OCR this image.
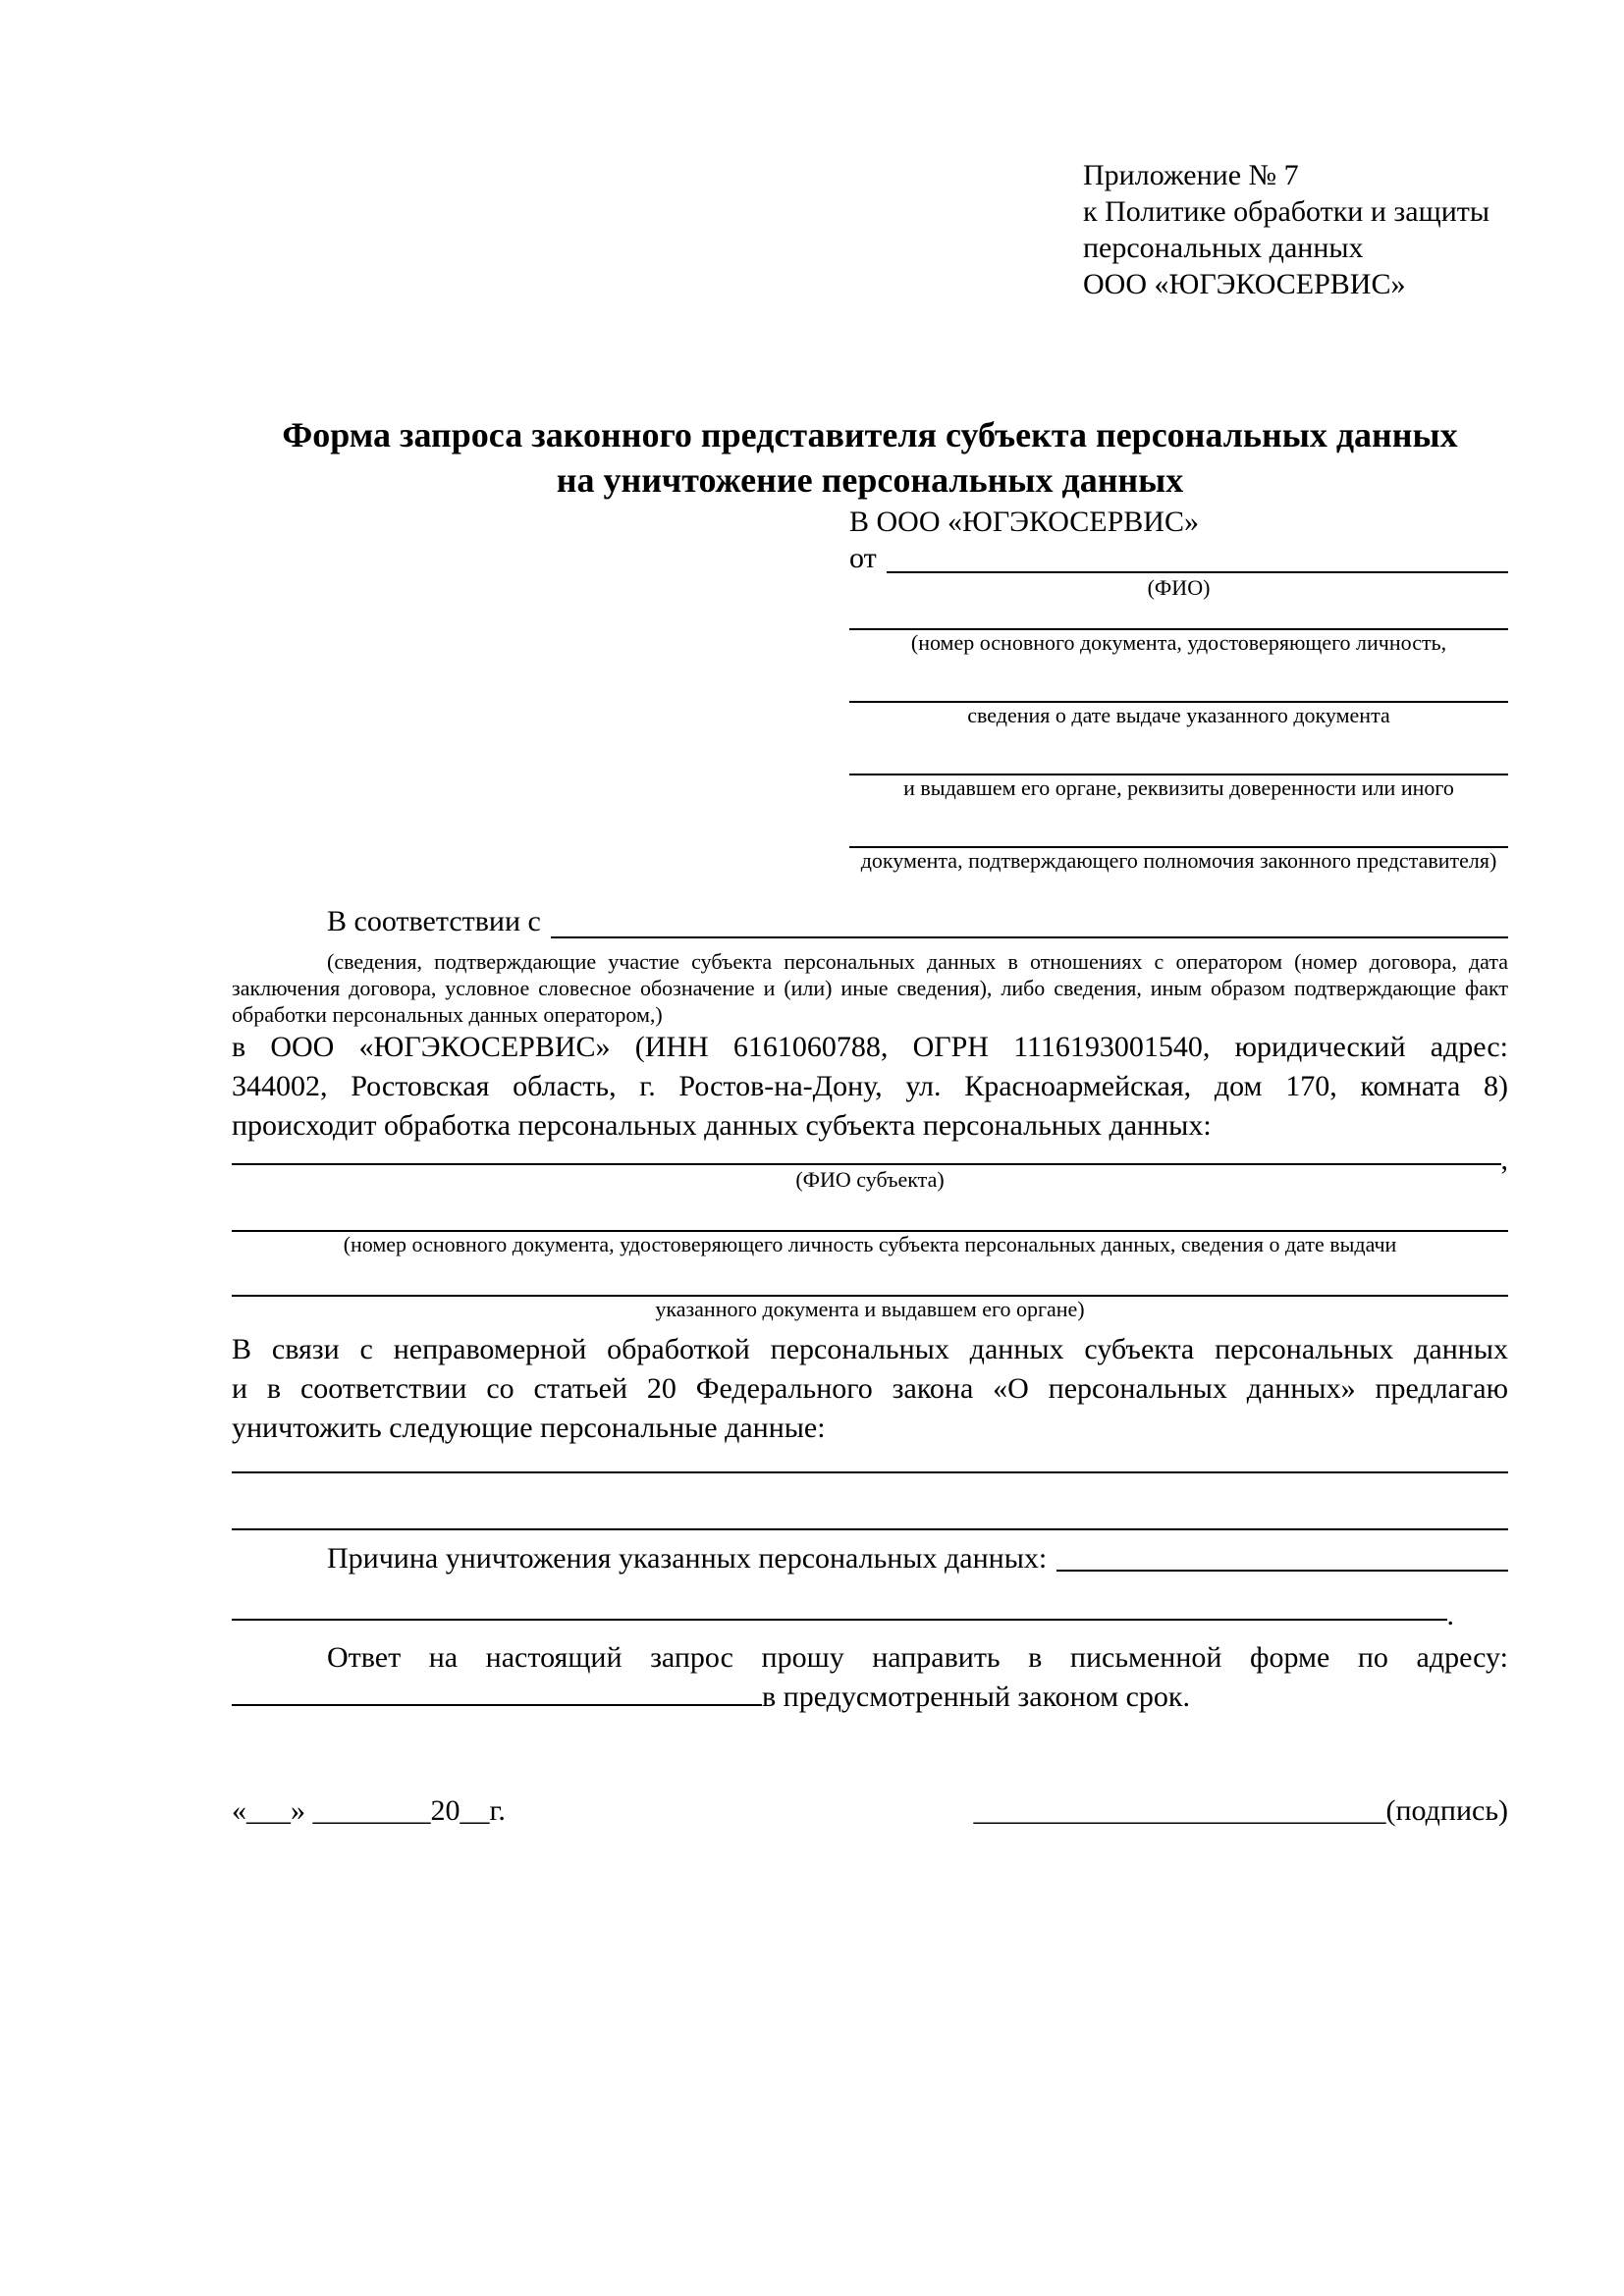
Приложение № 7
к Политике обработки и защиты
персональных данных
ООО «ЮГЭКОСЕРВИС»
Форма запроса законного представителя субъекта персональных данных
на уничтожение персональных данных
В ООО «ЮГЭКОСЕРВИС»
от
(ФИО)
(номер основного документа, удостоверяющего личность,
сведения о дате выдаче указанного документа
и выдавшем его органе, реквизиты доверенности или иного
документа, подтверждающего полномочия законного представителя)
В соответствии с
(сведения, подтверждающие участие субъекта персональных данных в отношениях с оператором (номер договора, дата
заключения договора, условное словесное обозначение и (или) иные сведения), либо сведения, иным образом подтверждающие факт
обработки персональных данных оператором,)
в ООО «ЮГЭКОСЕРВИС» (ИНН 6161060788, ОГРН 1116193001540, юридический адрес:
344002, Ростовская область, г. Ростов-на-Дону, ул. Красноармейская, дом 170, комната 8)
происходит обработка персональных данных субъекта персональных данных:
,
(ФИО субъекта)
(номер основного документа, удостоверяющего личность субъекта персональных данных, сведения о дате выдачи
указанного документа и выдавшем его органе)
В связи с неправомерной обработкой персональных данных субъекта персональных данных
и в соответствии со статьей 20 Федерального закона «О персональных данных» предлагаю
уничтожить следующие персональные данные:
Причина уничтожения указанных персональных данных:
.
Ответ на настоящий запрос прошу направить в письменной форме по адресу:
в предусмотренный законом срок.
«___» ________20__г.	____________________________(подпись)
